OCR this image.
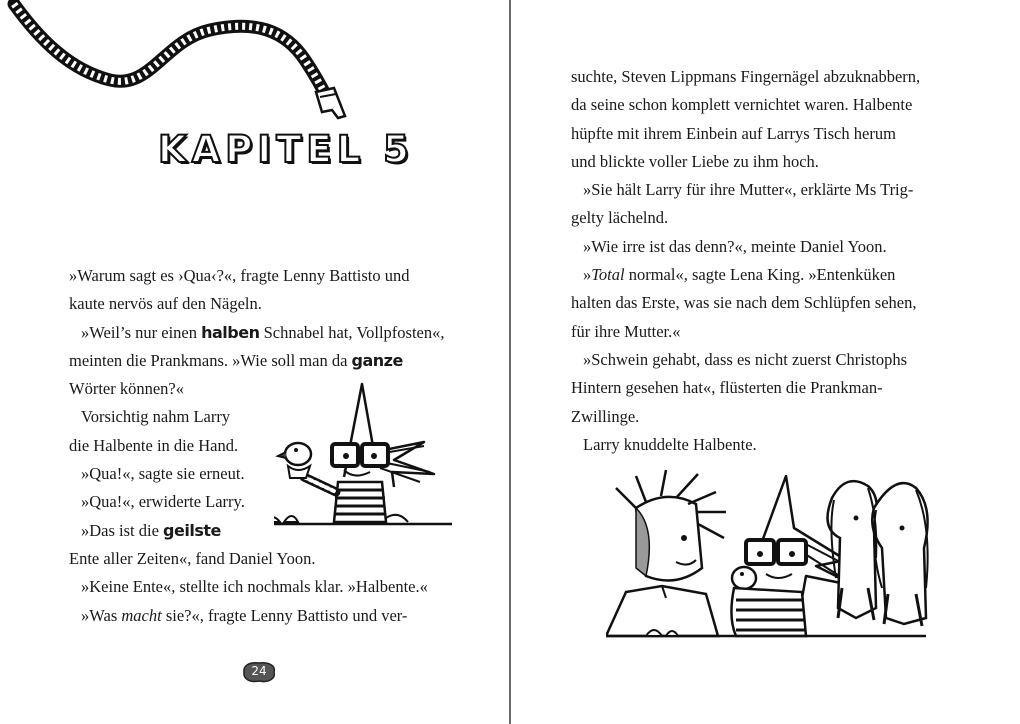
KAPITEL 5
»Warum sagt es ›Qua‹?«, fragte Lenny Battisto und
kaute nervös auf den Nägeln.
»Weil’s nur einen halben Schnabel hat, Vollpfosten«,
meinten die Prankmans. »Wie soll man da ganze
Wörter können?«
Vorsichtig nahm Larry
die Halbente in die Hand.
»Qua!«, sagte sie erneut.
»Qua!«, erwiderte Larry.
»Das ist die geilste
Ente aller Zeiten«, fand Daniel Yoon.
»Keine Ente«, stellte ich nochmals klar. »Halbente.«
»Was macht sie?«, fragte Lenny Battisto und ver-
24
suchte, Steven Lippmans Fingernägel abzuknabbern,
da seine schon komplett vernichtet waren. Halbente
hüpfte mit ihrem Einbein auf Larrys Tisch herum
und blickte voller Liebe zu ihm hoch.
»Sie hält Larry für ihre Mutter«, erklärte Ms Trig-
gelty lächelnd.
»Wie irre ist das denn?«, meinte Daniel Yoon.
»Total normal«, sagte Lena King. »Entenküken
halten das Erste, was sie nach dem Schlüpfen sehen,
für ihre Mutter.«
»Schwein gehabt, dass es nicht zuerst Christophs
Hintern gesehen hat«, flüsterten die Prankman-
Zwillinge.
Larry knuddelte Halbente.
